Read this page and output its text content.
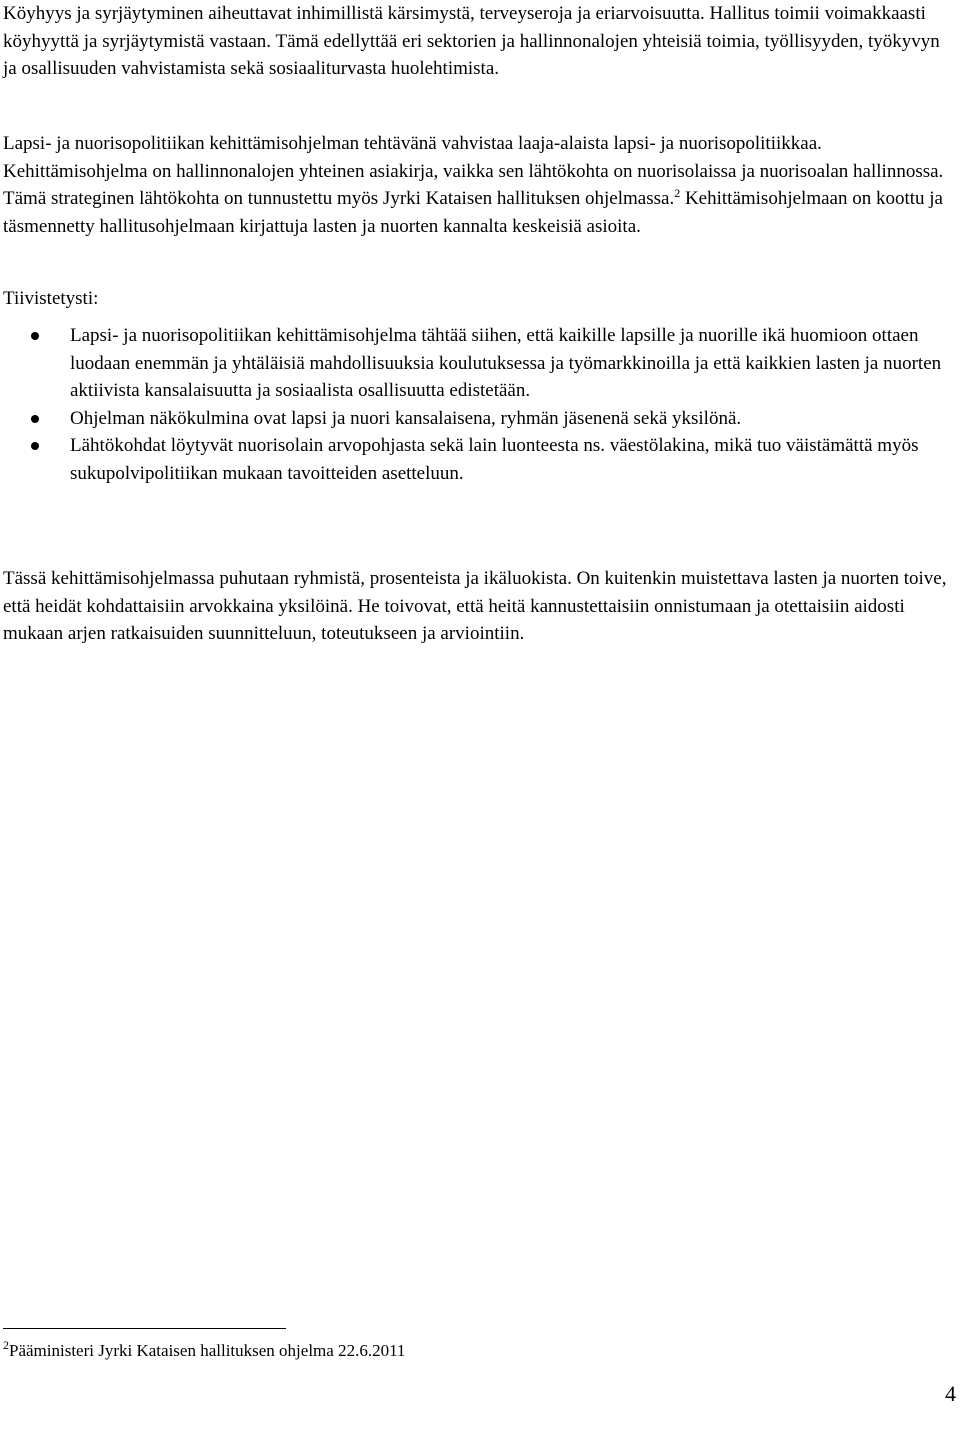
Köyhyys ja syrjäytyminen aiheuttavat inhimillistä kärsimystä, terveyseroja ja eriarvoisuutta. Hallitus toimii voimakkaasti köyhyyttä ja syrjäytymistä vastaan. Tämä edellyttää eri sektorien ja hallinnonalojen yhteisiä toimia, työllisyyden, työkyvyn ja osallisuuden vahvistamista sekä sosiaaliturvasta huolehtimista.

Lapsi- ja nuorisopolitiikan kehittämisohjelman tehtävänä vahvistaa laaja-alaista lapsi- ja nuorisopolitiikkaa. Kehittämisohjelma on hallinnonalojen yhteinen asiakirja, vaikka sen lähtökohta on nuorisolaissa ja nuorisoalan hallinnossa. Tämä strateginen lähtökohta on tunnustettu myös Jyrki Kataisen hallituksen ohjelmassa.$^2$ Kehittämisohjelmaan on koottu ja täsmennetty hallitusohjelmaan kirjattuja lasten ja nuorten kannalta keskeisiä asioita.

Tiivistetysti:

Lapsi- ja nuorisopolitiikan kehittämisohjelma tähtää siihen, että kaikille lapsille ja nuorille ikä huomioon ottaen luodaan enemmän ja yhtäläisiä mahdollisuuksia koulutuksessa ja työmarkkinoilla ja että kaikkien lasten ja nuorten aktiivista kansalaisuutta ja sosiaalista osallisuutta edistetään.
Ohjelman näkökulmina ovat lapsi ja nuori kansalaisena, ryhmän jäsenenä sekä yksilönä.
Lähtökohdat löytyvät nuorisolain arvopohjasta sekä lain luonteesta ns. väestölakina, mikä tuo väistämättä myös sukupolvipolitiikan mukaan tavoitteiden asetteluun.

Tässä kehittämisohjelmassa puhutaan ryhmistä, prosenteista ja ikäluokista. On kuitenkin muistettava lasten ja nuorten toive, että heidät kohdattaisiin arvokkaina yksilöinä. He toivovat, että heitä kannustettaisiin onnistumaan ja otettaisiin aidosti mukaan arjen ratkaisuiden suunnitteluun, toteutukseen ja arviointiin.

$^2$Pääministeri Jyrki Kataisen hallituksen ohjelma 22.6.2011
4
